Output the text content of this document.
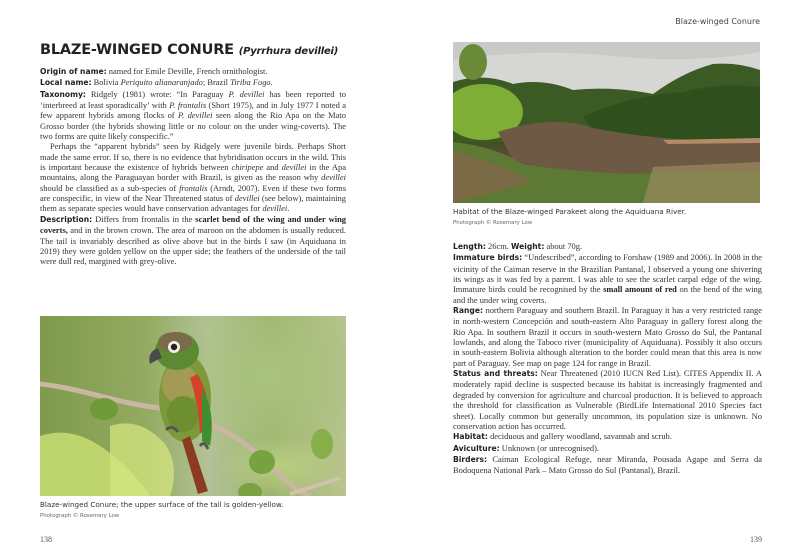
BLAZE-WINGED CONURE (Pyrrhura devillei)

Origin of name: named for Emile Deville, French ornithologist.

Local name: Bolivia Periquito alianaranjado; Brazil Tiriba Fogo.

Taxonomy: Ridgely (1981) wrote: “In Paraguay P. devillei has been reported to ‘interbreed at least sporadically’ with P. frontalis (Short 1975), and in July 1977 I noted a few apparent hybrids among flocks of P. devillei seen along the Rio Apa on the Mato Grosso border (the hybrids showing little or no colour on the under wing-coverts). The two forms are quite likely conspecific.”

Perhaps the “apparent hybrids” seen by Ridgely were juvenile birds. Perhaps Short made the same error. If so, there is no evidence that hybridisation occurs in the wild. This is important because the existence of hybrids between chiripepe and devillei in the Apa mountains, along the Paraguayan border with Brazil, is given as the reason why devillei should be classified as a sub-species of frontalis (Arndt, 2007). Even if these two forms are conspecific, in view of the Near Threatened status of devillei (see below), maintaining them as separate species would have conservation advantages for devillei.

Description: Differs from frontalis in the scarlet bend of the wing and under wing coverts, and in the brown crown. The area of maroon on the abdomen is usually reduced. The tail is invariably described as olive above but in the birds I saw (in Aquiduana in 2019) they were golden yellow on the upper side; the feathers of the underside of the tail were dull red, margined with grey-olive.

Blaze-winged Conure; the upper surface of the tail is golden-yellow.
Photograph © Rosemary Low
138
Blaze-winged Conure
Habitat of the Blaze-winged Parakeet along the Aquiduana River.
Photograph © Rosemary Low

Length: 26cm. Weight: about 70g.

Immature birds: “Undescribed”, according to Forshaw (1989 and 2006). In 2008 in the vicinity of the Caiman reserve in the Brazilian Pantanal, I observed a young one shivering its wings as it was fed by a parent. I was able to see the scarlet carpal edge of the wing. Immature birds could be recognised by the small amount of red on the bend of the wing and the under wing coverts.

Range: northern Paraguay and southern Brazil. In Paraguay it has a very restricted range in north-western Concepción and south-eastern Alto Paraguay in gallery forest along the Rio Apa. In southern Brazil it occurs in south-western Mato Grosso do Sul, the Pantanal lowlands, and along the Taboco river (municipality of Aquiduana). Possibly it also occurs in south-eastern Bolivia although alteration to the border could mean that this area is now part of Paraguay. See map on page 124 for range in Brazil.

Status and threats: Near Threatened (2010 IUCN Red List). CITES Appendix II. A moderately rapid decline is suspected because its habitat is increasingly fragmented and degraded by conversion for agriculture and charcoal production. It is believed to approach the threshold for classification as Vulnerable (BirdLife International 2010 Species fact sheet). Locally common but generally uncommon, its population size is unknown. No conservation action has occurred.

Habitat: deciduous and gallery woodland, savannah and scrub.

Aviculture: Unknown (or unrecognised).

Birders: Caiman Ecological Refuge, near Miranda, Pousada Agape and Serra da Bodoquena National Park – Mato Grosso do Sul (Pantanal), Brazil.

139
